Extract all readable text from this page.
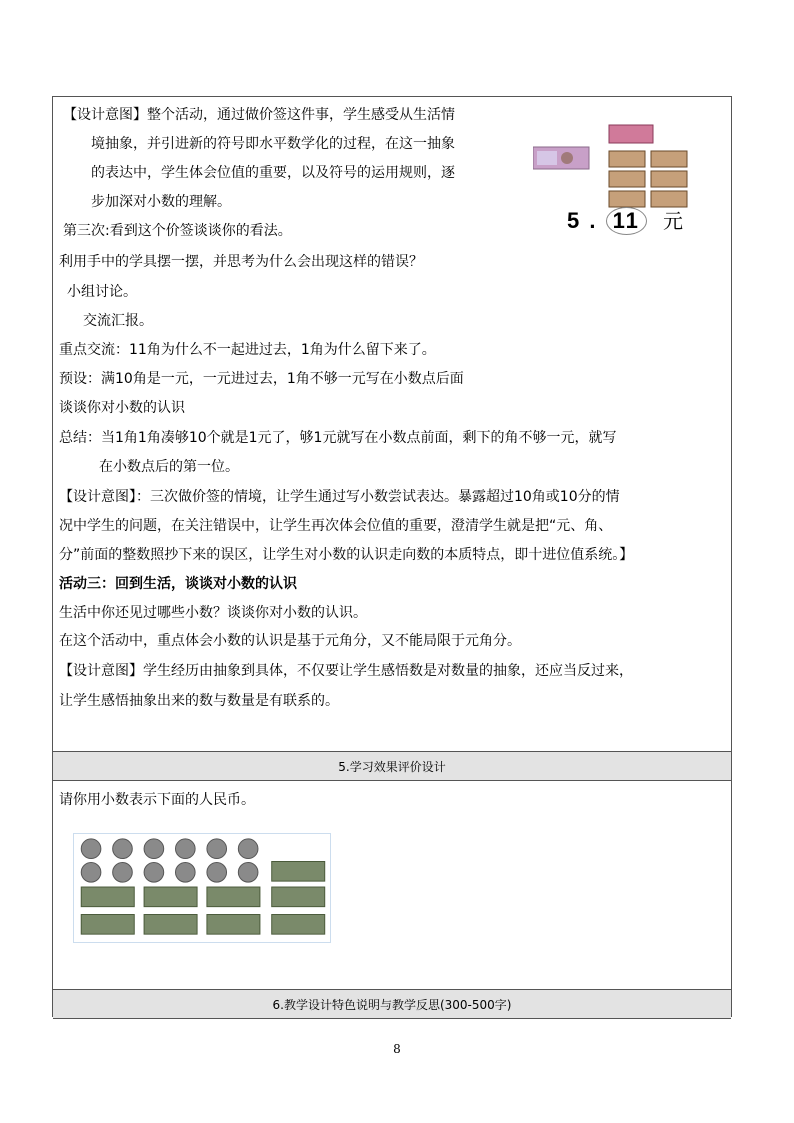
【设计意图】整个活动，通过做价签这件事，学生感受从生活情
境抽象，并引进新的符号即水平数学化的过程，在这一抽象
的表达中，学生体会位值的重要，以及符号的运用规则，逐
步加深对小数的理解。
第三次:看到这个价签谈谈你的看法。
利用手中的学具摆一摆，并思考为什么会出现这样的错误？
小组讨论。
交流汇报。
重点交流：11角为什么不一起进过去，1角为什么留下来了。
预设：满10角是一元，一元进过去，1角不够一元写在小数点后面
谈谈你对小数的认识
总结：当1角1角凑够10个就是1元了，够1元就写在小数点前面，剩下的角不够一元，就写
在小数点后的第一位。
【设计意图】：三次做价签的情境，让学生通过写小数尝试表达。暴露超过10角或10分的情
况中学生的问题，在关注错误中，让学生再次体会位值的重要，澄清学生就是把“元、角、
分”前面的整数照抄下来的误区，让学生对小数的认识走向数的本质特点，即十进位值系统。】
活动三：回到生活，谈谈对小数的认识
生活中你还见过哪些小数？谈谈你对小数的认识。
在这个活动中，重点体会小数的认识是基于元角分，又不能局限于元角分。
【设计意图】学生经历由抽象到具体，不仅要让学生感悟数是对数量的抽象，还应当反过来，
让学生感悟抽象出来的数与数量是有联系的。
5 . 11 元
5.学习效果评价设计
请你用小数表示下面的人民币。
6.教学设计特色说明与教学反思(300-500字)
8
